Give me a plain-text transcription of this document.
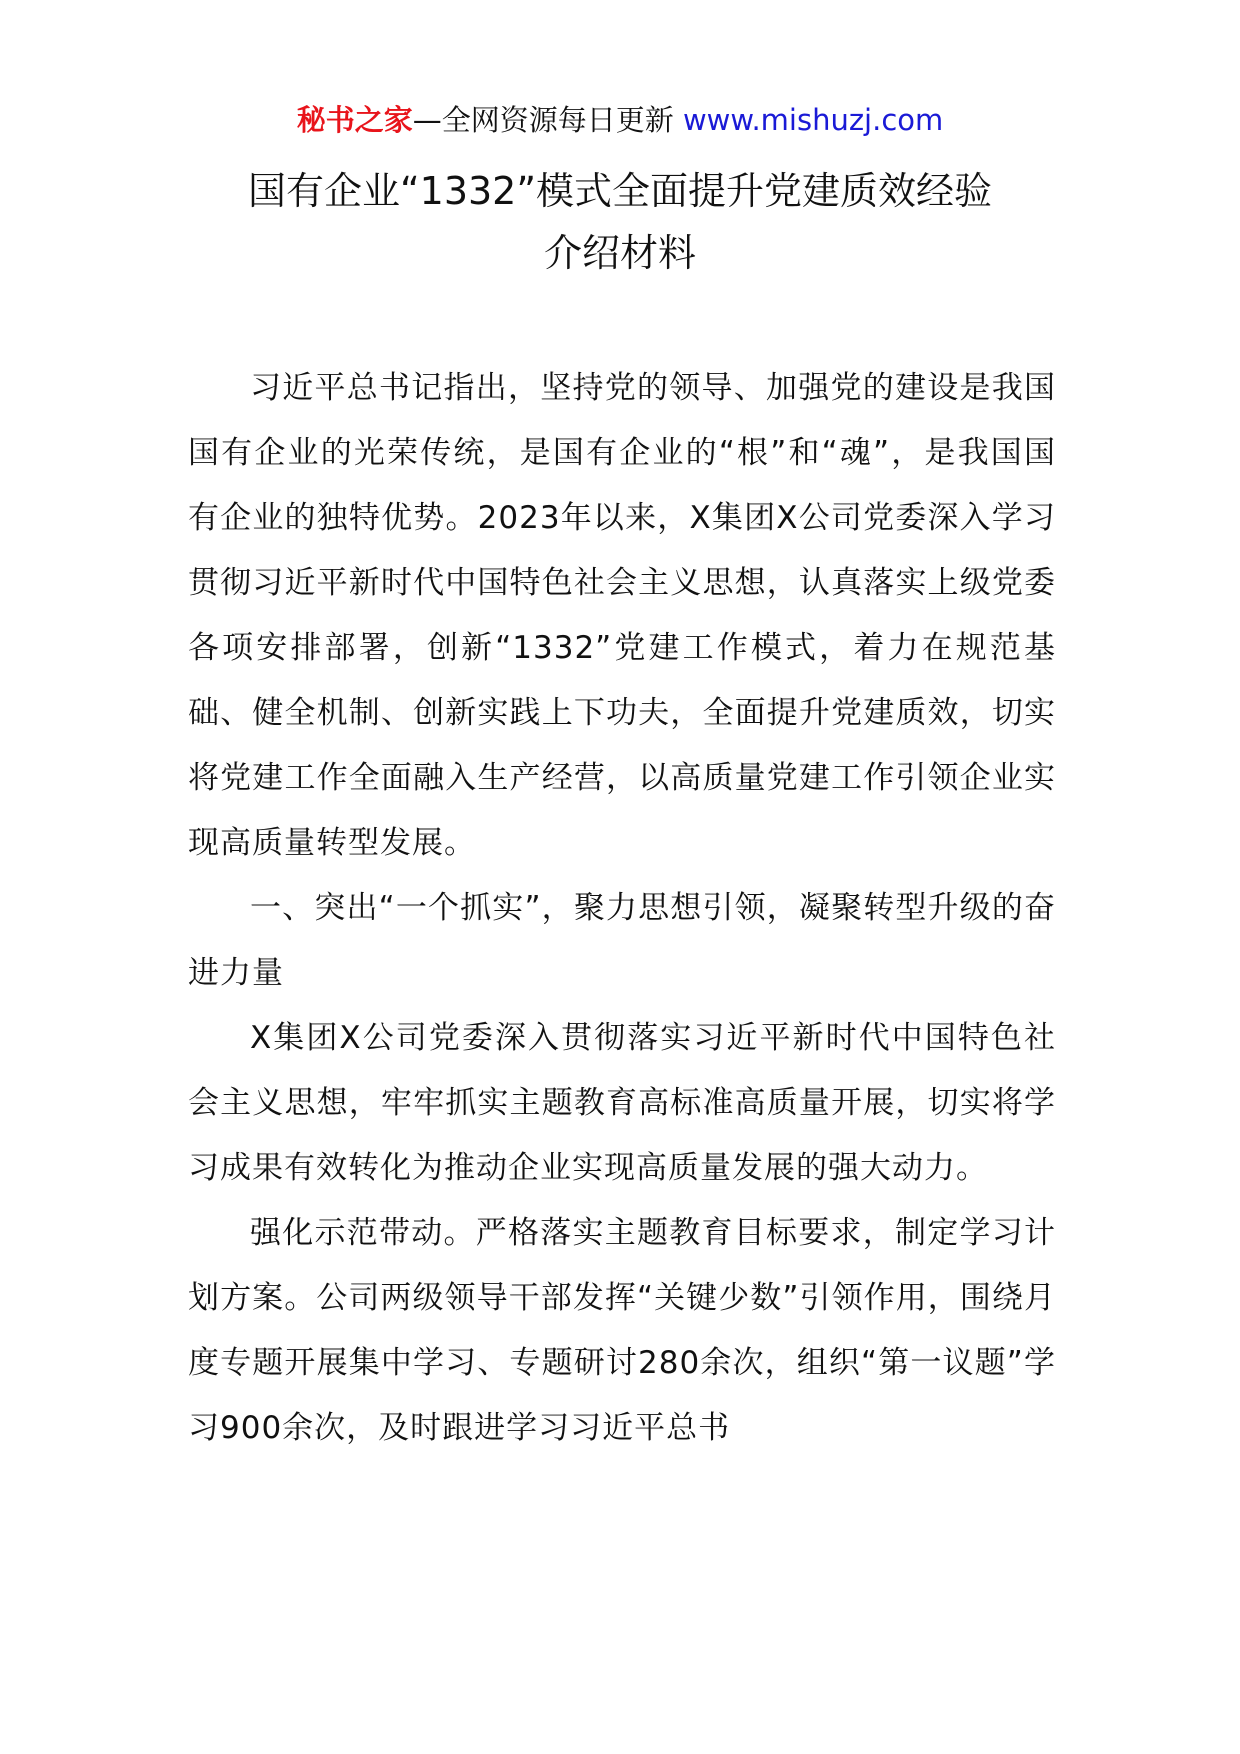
秘书之家—全网资源每日更新 www.mishuzj.com
国有企业“1332”模式全面提升党建质效经验
介绍材料

习近平总书记指出，坚持党的领导、加强党的建设是我国国有企业的光荣传统，是国有企业的“根”和“魂”，是我国国有企业的独特优势。2023年以来，X集团X公司党委深入学习贯彻习近平新时代中国特色社会主义思想，认真落实上级党委各项安排部署，创新“1332”党建工作模式，着力在规范基础、健全机制、创新实践上下功夫，全面提升党建质效，切实将党建工作全面融入生产经营，以高质量党建工作引领企业实现高质量转型发展。

一、突出“一个抓实”，聚力思想引领，凝聚转型升级的奋进力量

X集团X公司党委深入贯彻落实习近平新时代中国特色社会主义思想，牢牢抓实主题教育高标准高质量开展，切实将学习成果有效转化为推动企业实现高质量发展的强大动力。

强化示范带动。严格落实主题教育目标要求，制定学习计划方案。公司两级领导干部发挥“关键少数”引领作用，围绕月度专题开展集中学习、专题研讨280余次，组织“第一议题”学习900余次，及时跟进学习习近平总书
